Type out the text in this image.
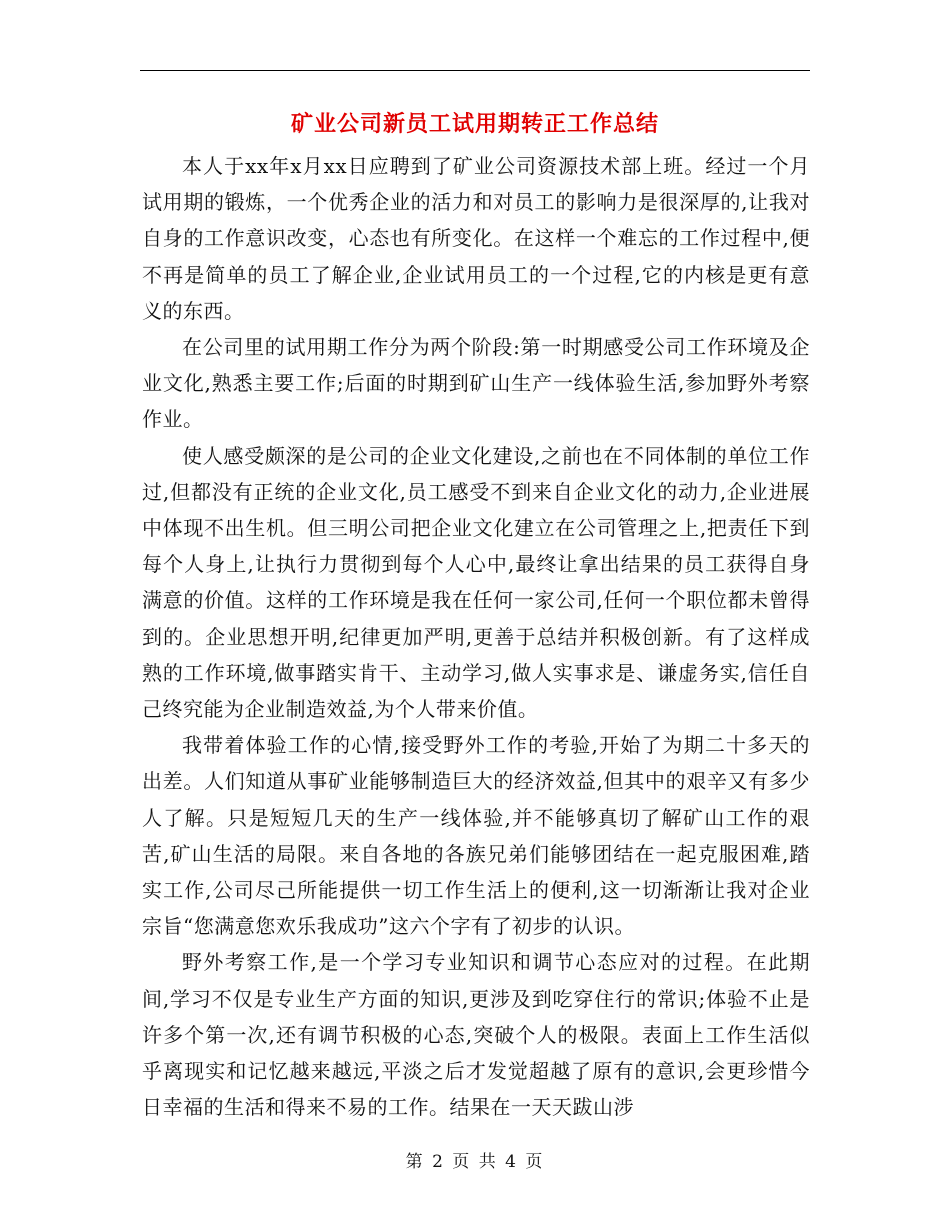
矿业公司新员工试用期转正工作总结

本人于xx年x月xx日应聘到了矿业公司资源技术部上班。经过一个月试用期的锻炼，一个优秀企业的活力和对员工的影响力是很深厚的,让我对自身的工作意识改变，心态也有所变化。在这样一个难忘的工作过程中,便不再是简单的员工了解企业,企业试用员工的一个过程,它的内核是更有意义的东西。

在公司里的试用期工作分为两个阶段:第一时期感受公司工作环境及企业文化,熟悉主要工作;后面的时期到矿山生产一线体验生活,参加野外考察作业。

使人感受颇深的是公司的企业文化建设,之前也在不同体制的单位工作过,但都没有正统的企业文化,员工感受不到来自企业文化的动力,企业进展中体现不出生机。但三明公司把企业文化建立在公司管理之上,把责任下到每个人身上,让执行力贯彻到每个人心中,最终让拿出结果的员工获得自身满意的价值。这样的工作环境是我在任何一家公司,任何一个职位都未曾得到的。企业思想开明,纪律更加严明,更善于总结并积极创新。有了这样成熟的工作环境,做事踏实肯干、主动学习,做人实事求是、谦虚务实,信任自己终究能为企业制造效益,为个人带来价值。

我带着体验工作的心情,接受野外工作的考验,开始了为期二十多天的出差。人们知道从事矿业能够制造巨大的经济效益,但其中的艰辛又有多少人了解。只是短短几天的生产一线体验,并不能够真切了解矿山工作的艰苦,矿山生活的局限。来自各地的各族兄弟们能够团结在一起克服困难,踏实工作,公司尽己所能提供一切工作生活上的便利,这一切渐渐让我对企业宗旨“您满意您欢乐我成功”这六个字有了初步的认识。

野外考察工作,是一个学习专业知识和调节心态应对的过程。在此期间,学习不仅是专业生产方面的知识,更涉及到吃穿住行的常识;体验不止是许多个第一次,还有调节积极的心态,突破个人的极限。表面上工作生活似乎离现实和记忆越来越远,平淡之后才发觉超越了原有的意识,会更珍惜今日幸福的生活和得来不易的工作。结果在一天天跋山涉

第 2 页 共 4 页
